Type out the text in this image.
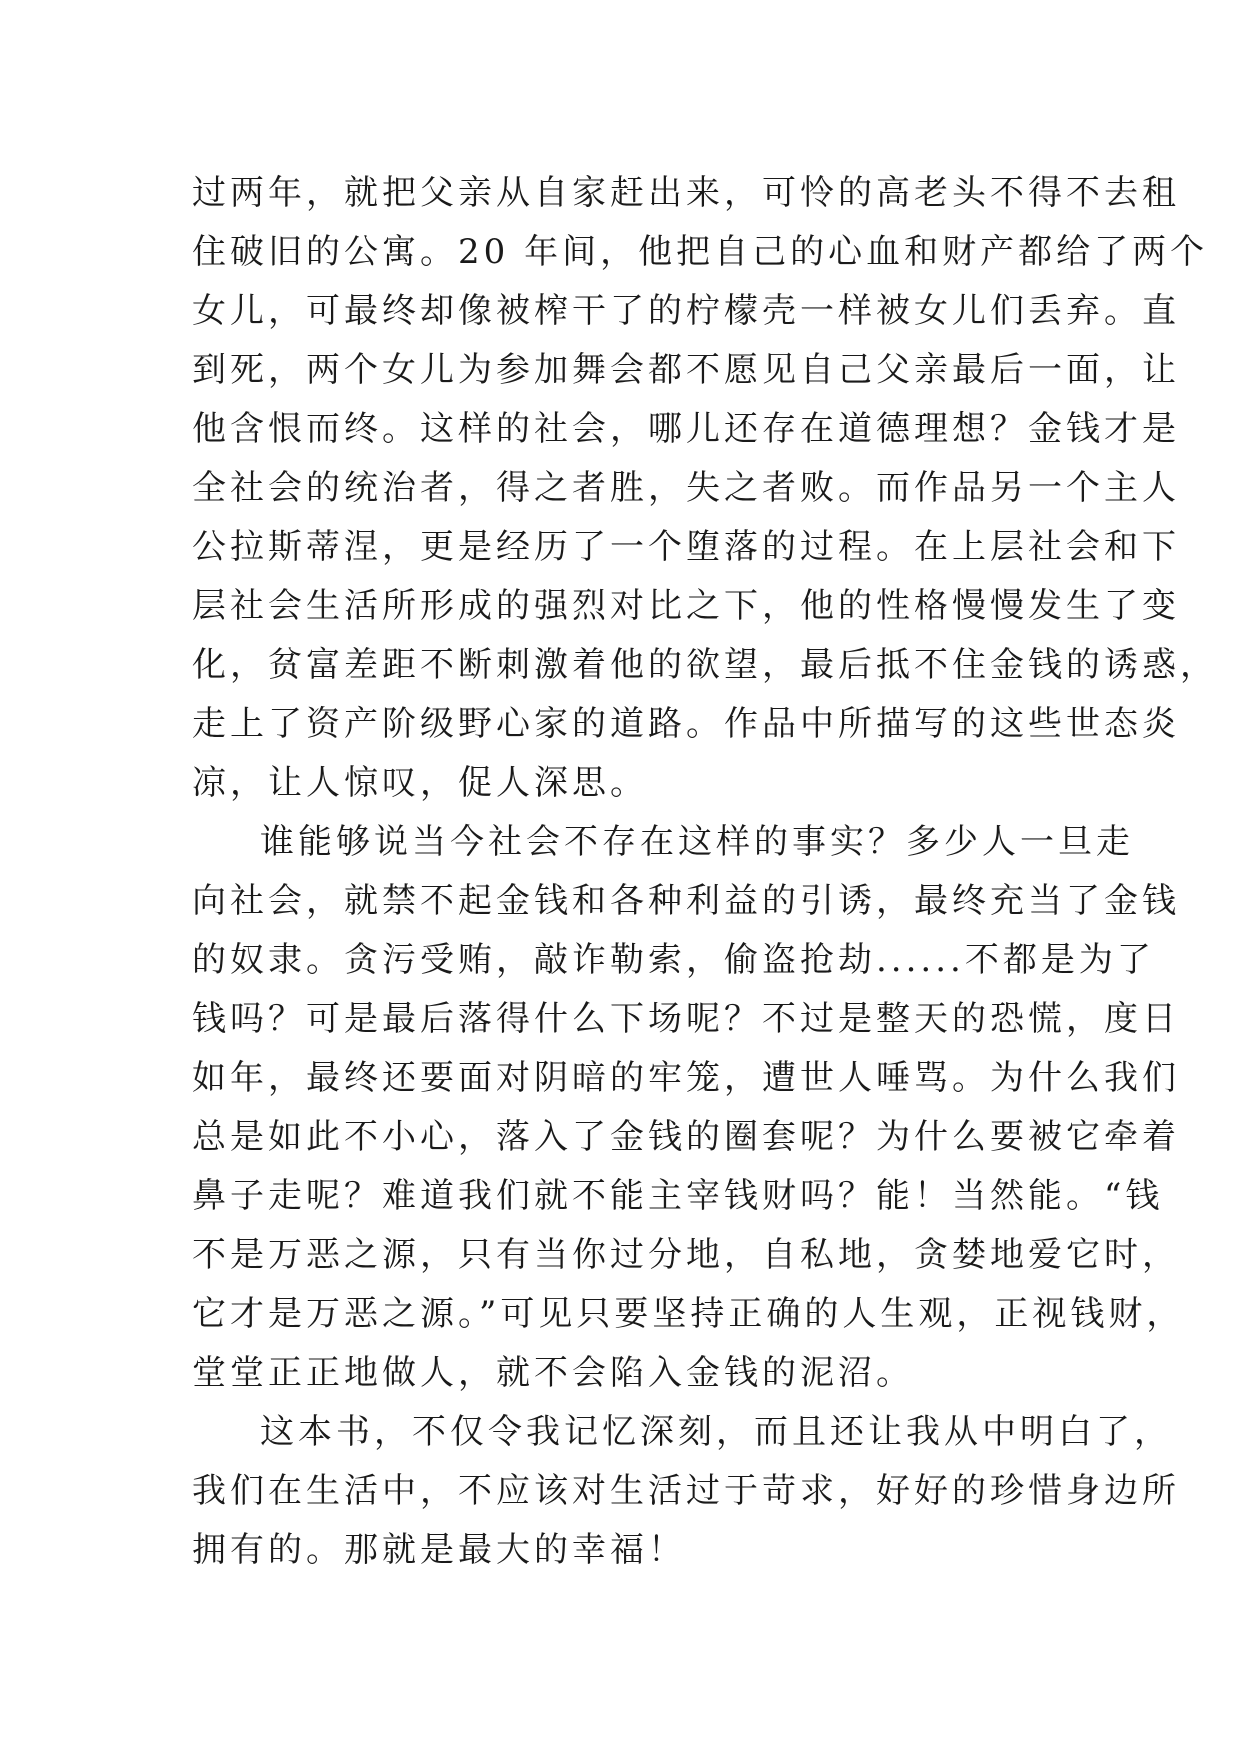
过两年，就把父亲从自家赶出来，可怜的高老头不得不去租
住破旧的公寓。20 年间，他把自己的心血和财产都给了两个
女儿，可最终却像被榨干了的柠檬壳一样被女儿们丢弃。直
到死，两个女儿为参加舞会都不愿见自己父亲最后一面，让
他含恨而终。这样的社会，哪儿还存在道德理想？金钱才是
全社会的统治者，得之者胜，失之者败。而作品另一个主人
公拉斯蒂涅，更是经历了一个堕落的过程。在上层社会和下
层社会生活所形成的强烈对比之下，他的性格慢慢发生了变
化，贫富差距不断刺激着他的欲望，最后抵不住金钱的诱惑，
走上了资产阶级野心家的道路。作品中所描写的这些世态炎
凉，让人惊叹，促人深思。
谁能够说当今社会不存在这样的事实？多少人一旦走
向社会，就禁不起金钱和各种利益的引诱，最终充当了金钱
的奴隶。贪污受贿，敲诈勒索，偷盗抢劫......不都是为了
钱吗？可是最后落得什么下场呢？不过是整天的恐慌，度日
如年，最终还要面对阴暗的牢笼，遭世人唾骂。为什么我们
总是如此不小心，落入了金钱的圈套呢？为什么要被它牵着
鼻子走呢？难道我们就不能主宰钱财吗？能！当然能。“钱
不是万恶之源，只有当你过分地，自私地，贪婪地爱它时，
它才是万恶之源。”可见只要坚持正确的人生观，正视钱财，
堂堂正正地做人，就不会陷入金钱的泥沼。
这本书，不仅令我记忆深刻，而且还让我从中明白了，
我们在生活中，不应该对生活过于苛求，好好的珍惜身边所
拥有的。那就是最大的幸福！
